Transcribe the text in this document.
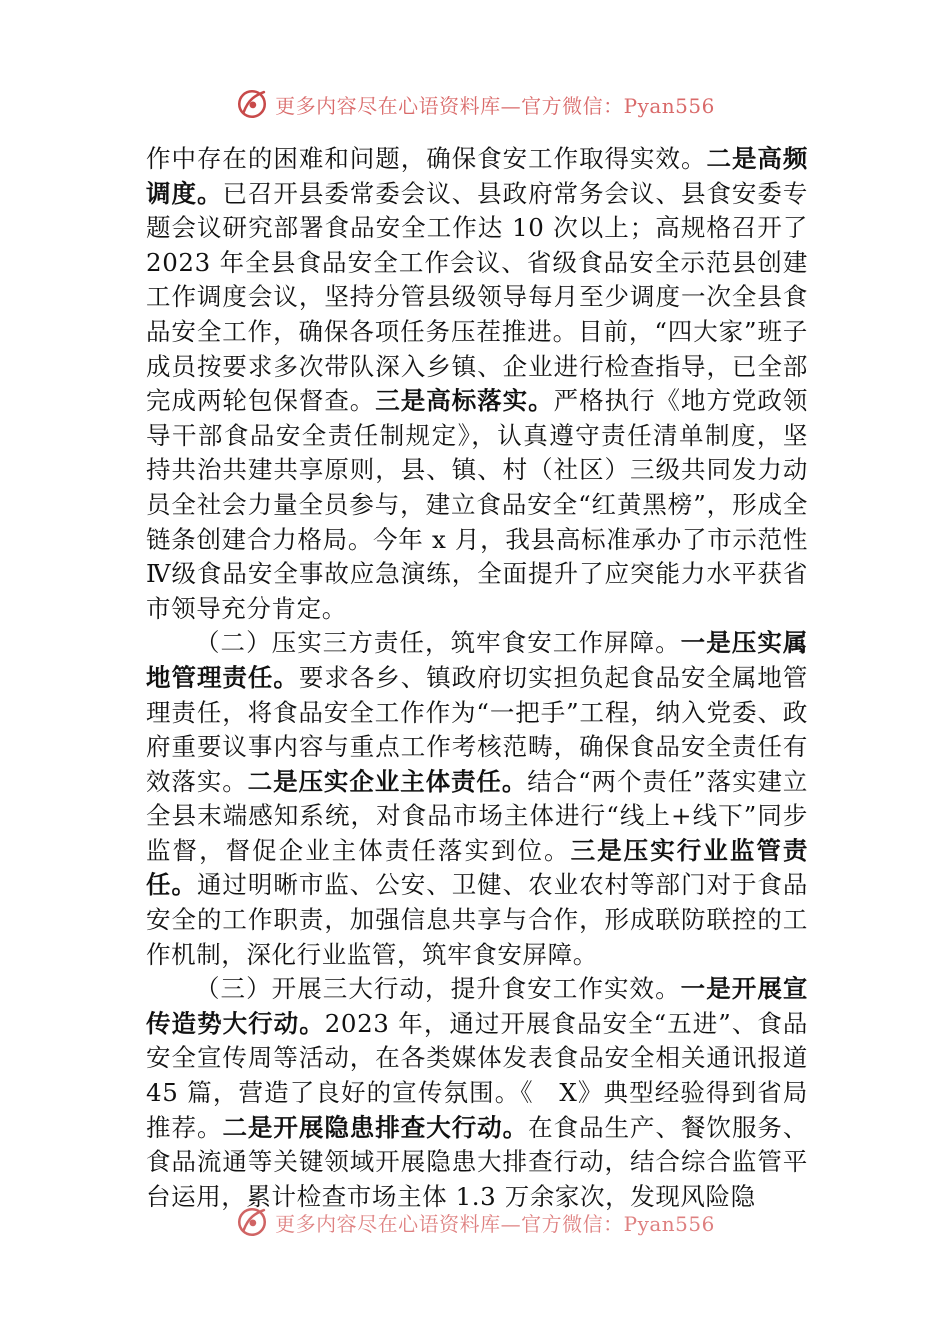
更多内容尽在心语资料库—官方微信：Pyan556

作中存在的困难和问题，确保食安工作取得实效。二是高频调度。已召开县委常委会议、县政府常务会议、县食安委专题会议研究部署食品安全工作达 10 次以上；高规格召开了 2023 年全县食品安全工作会议、省级食品安全示范县创建工作调度会议，坚持分管县级领导每月至少调度一次全县食品安全工作，确保各项任务压茬推进。目前，“四大家”班子成员按要求多次带队深入乡镇、企业进行检查指导，已全部完成两轮包保督查。三是高标落实。严格执行《地方党政领导干部食品安全责任制规定》，认真遵守责任清单制度，坚持共治共建共享原则，县、镇、村（社区）三级共同发力动员全社会力量全员参与，建立食品安全“红黄黑榜”，形成全链条创建合力格局。今年 x 月，我县高标准承办了市示范性Ⅳ级食品安全事故应急演练，全面提升了应突能力水平获省市领导充分肯定。

（二）压实三方责任，筑牢食安工作屏障。一是压实属地管理责任。要求各乡、镇政府切实担负起食品安全属地管理责任，将食品安全工作作为“一把手”工程，纳入党委、政府重要议事内容与重点工作考核范畴，确保食品安全责任有效落实。二是压实企业主体责任。结合“两个责任”落实建立全县末端感知系统，对食品市场主体进行“线上+线下”同步监督，督促企业主体责任落实到位。三是压实行业监管责任。通过明晰市监、公安、卫健、农业农村等部门对于食品安全的工作职责，加强信息共享与合作，形成联防联控的工作机制，深化行业监管，筑牢食安屏障。

（三）开展三大行动，提升食安工作实效。一是开展宣传造势大行动。2023 年，通过开展食品安全“五进”、食品安全宣传周等活动，在各类媒体发表食品安全相关通讯报道 45 篇，营造了良好的宣传氛围。《　X》典型经验得到省局推荐。二是开展隐患排查大行动。在食品生产、餐饮服务、食品流通等关键领域开展隐患大排查行动，结合综合监管平台运用，累计检查市场主体 1.3 万余家次，发现风险隐

更多内容尽在心语资料库—官方微信：Pyan556
